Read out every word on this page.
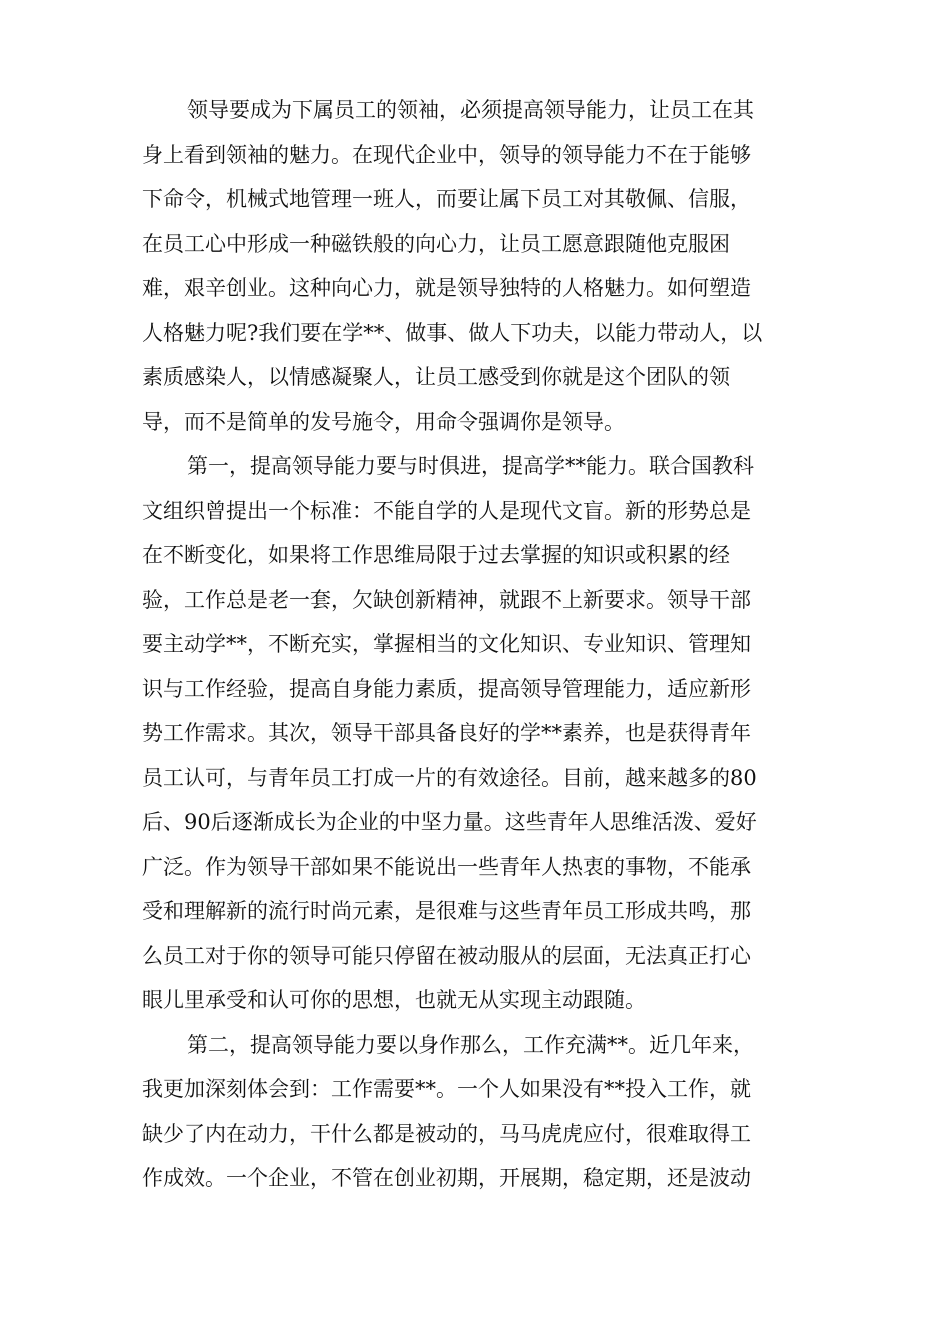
领导要成为下属员工的领袖，必须提高领导能力，让员工在其
身上看到领袖的魅力。在现代企业中，领导的领导能力不在于能够
下命令，机械式地管理一班人，而要让属下员工对其敬佩、信服，
在员工心中形成一种磁铁般的向心力，让员工愿意跟随他克服困
难，艰辛创业。这种向心力，就是领导独特的人格魅力。如何塑造
人格魅力呢?我们要在学**、做事、做人下功夫，以能力带动人，以
素质感染人，以情感凝聚人，让员工感受到你就是这个团队的领
导，而不是简单的发号施令，用命令强调你是领导。
第一，提高领导能力要与时俱进，提高学**能力。联合国教科
文组织曾提出一个标准：不能自学的人是现代文盲。新的形势总是
在不断变化，如果将工作思维局限于过去掌握的知识或积累的经
验，工作总是老一套，欠缺创新精神，就跟不上新要求。领导干部
要主动学**，不断充实，掌握相当的文化知识、专业知识、管理知
识与工作经验，提高自身能力素质，提高领导管理能力，适应新形
势工作需求。其次，领导干部具备良好的学**素养，也是获得青年
员工认可，与青年员工打成一片的有效途径。目前，越来越多的80
后、90后逐渐成长为企业的中坚力量。这些青年人思维活泼、爱好
广泛。作为领导干部如果不能说出一些青年人热衷的事物，不能承
受和理解新的流行时尚元素，是很难与这些青年员工形成共鸣，那
么员工对于你的领导可能只停留在被动服从的层面，无法真正打心
眼儿里承受和认可你的思想，也就无从实现主动跟随。
第二，提高领导能力要以身作那么，工作充满**。近几年来，
我更加深刻体会到：工作需要**。一个人如果没有**投入工作，就
缺少了内在动力，干什么都是被动的，马马虎虎应付，很难取得工
作成效。一个企业，不管在创业初期，开展期，稳定期，还是波动
